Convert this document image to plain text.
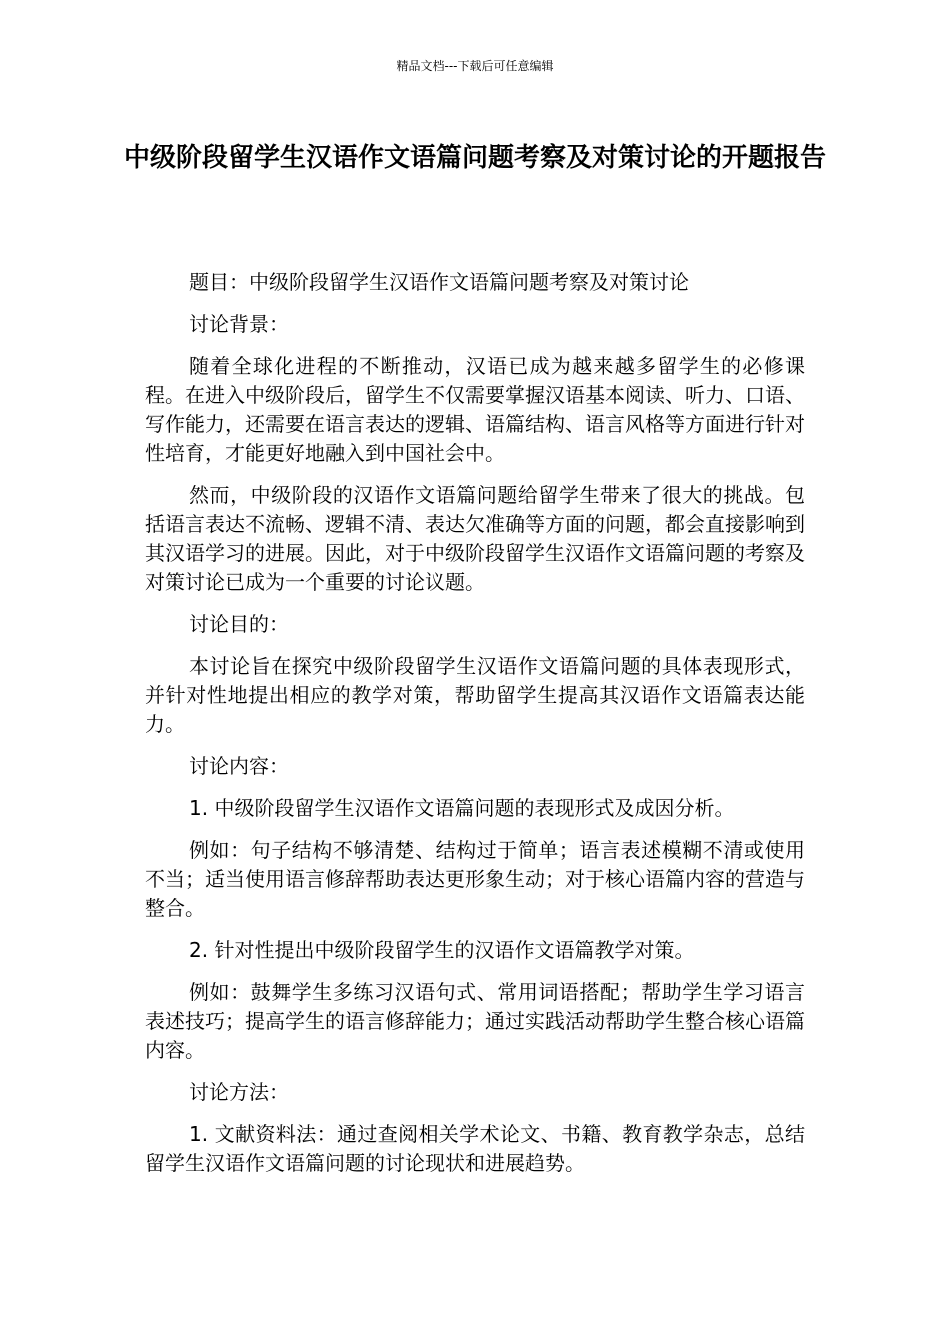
精品文档---下载后可任意编辑
中级阶段留学生汉语作文语篇问题考察及对策讨论的开题报告

题目：中级阶段留学生汉语作文语篇问题考察及对策讨论

讨论背景：

随着全球化进程的不断推动，汉语已成为越来越多留学生的必修课程。在进入中级阶段后，留学生不仅需要掌握汉语基本阅读、听力、口语、写作能力，还需要在语言表达的逻辑、语篇结构、语言风格等方面进行针对性培育，才能更好地融入到中国社会中。

然而，中级阶段的汉语作文语篇问题给留学生带来了很大的挑战。包括语言表达不流畅、逻辑不清、表达欠准确等方面的问题，都会直接影响到其汉语学习的进展。因此，对于中级阶段留学生汉语作文语篇问题的考察及对策讨论已成为一个重要的讨论议题。

讨论目的：

本讨论旨在探究中级阶段留学生汉语作文语篇问题的具体表现形式，并针对性地提出相应的教学对策，帮助留学生提高其汉语作文语篇表达能力。

讨论内容：

1. 中级阶段留学生汉语作文语篇问题的表现形式及成因分析。

例如：句子结构不够清楚、结构过于简单；语言表述模糊不清或使用不当；适当使用语言修辞帮助表达更形象生动；对于核心语篇内容的营造与整合。

2. 针对性提出中级阶段留学生的汉语作文语篇教学对策。

例如：鼓舞学生多练习汉语句式、常用词语搭配；帮助学生学习语言表述技巧；提高学生的语言修辞能力；通过实践活动帮助学生整合核心语篇内容。

讨论方法：

1. 文献资料法：通过查阅相关学术论文、书籍、教育教学杂志，总结留学生汉语作文语篇问题的讨论现状和进展趋势。
